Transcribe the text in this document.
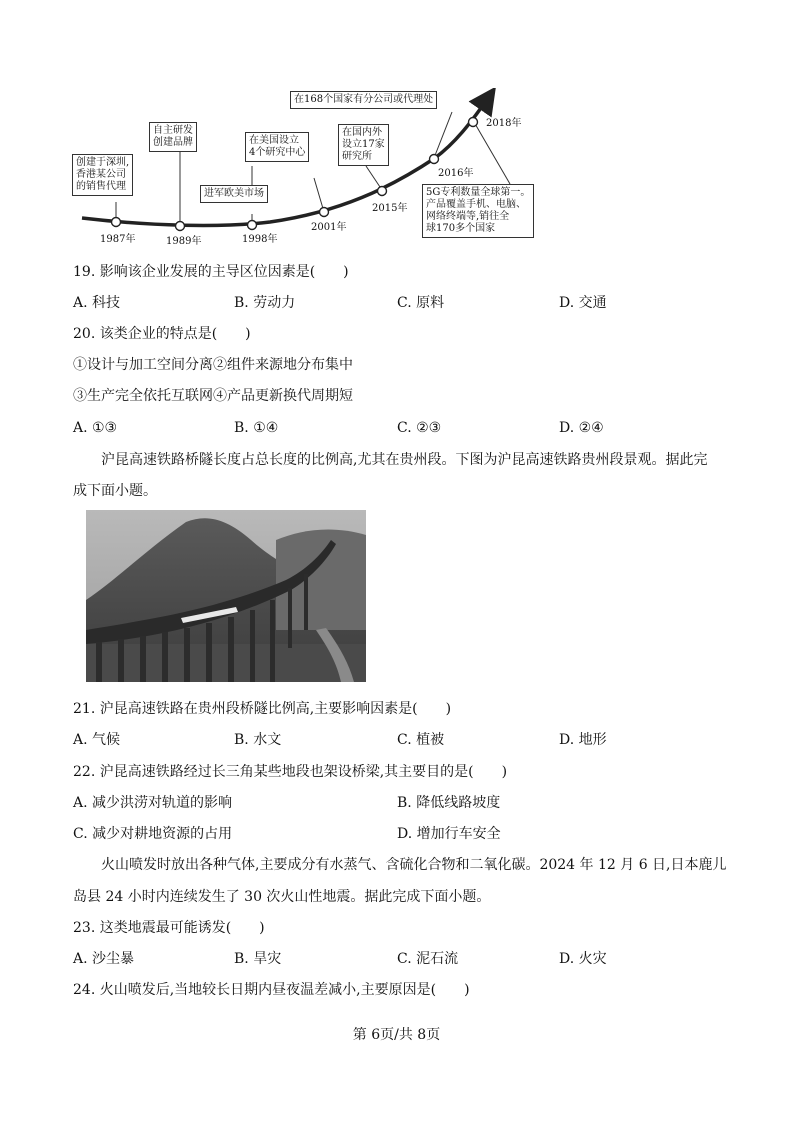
在168个国家有分公司或代理处
自主研发
创建品牌	在美国设立
4个研究中心
在国内外
设立17家
研究所
创建于深圳,
香港某公司
的销售代理
进军欧美市场	5G专利数量全球第一。
产品覆盖手机、电脑、
网络终端等,销往全
球170多个国家
1987年	1989年	1998年
2001年
2015年
2016年
2018年
19. 影响该企业发展的主导区位因素是(　　)
A. 科技	B. 劳动力	C. 原料	D. 交通
20. 该类企业的特点是(　　)
①设计与加工空间分离②组件来源地分布集中
③生产完全依托互联网④产品更新换代周期短
A. ①③	B. ①④	C. ②③	D. ②④
沪昆高速铁路桥隧长度占总长度的比例高,尤其在贵州段。下图为沪昆高速铁路贵州段景观。据此完
成下面小题。
21. 沪昆高速铁路在贵州段桥隧比例高,主要影响因素是(　　)
A. 气候	B. 水文	C. 植被	D. 地形
22. 沪昆高速铁路经过长三角某些地段也架设桥梁,其主要目的是(　　)
A. 减少洪涝对轨道的影响	B. 降低线路坡度
C. 减少对耕地资源的占用	D. 增加行车安全
火山喷发时放出各种气体,主要成分有水蒸气、含硫化合物和二氧化碳。2024 年 12 月 6 日,日本鹿儿
岛县 24 小时内连续发生了 30 次火山性地震。据此完成下面小题。
23. 这类地震最可能诱发(　　)
A. 沙尘暴	B. 旱灾	C. 泥石流	D. 火灾
24. 火山喷发后,当地较长日期内昼夜温差减小,主要原因是(　　)
第 6页/共 8页
